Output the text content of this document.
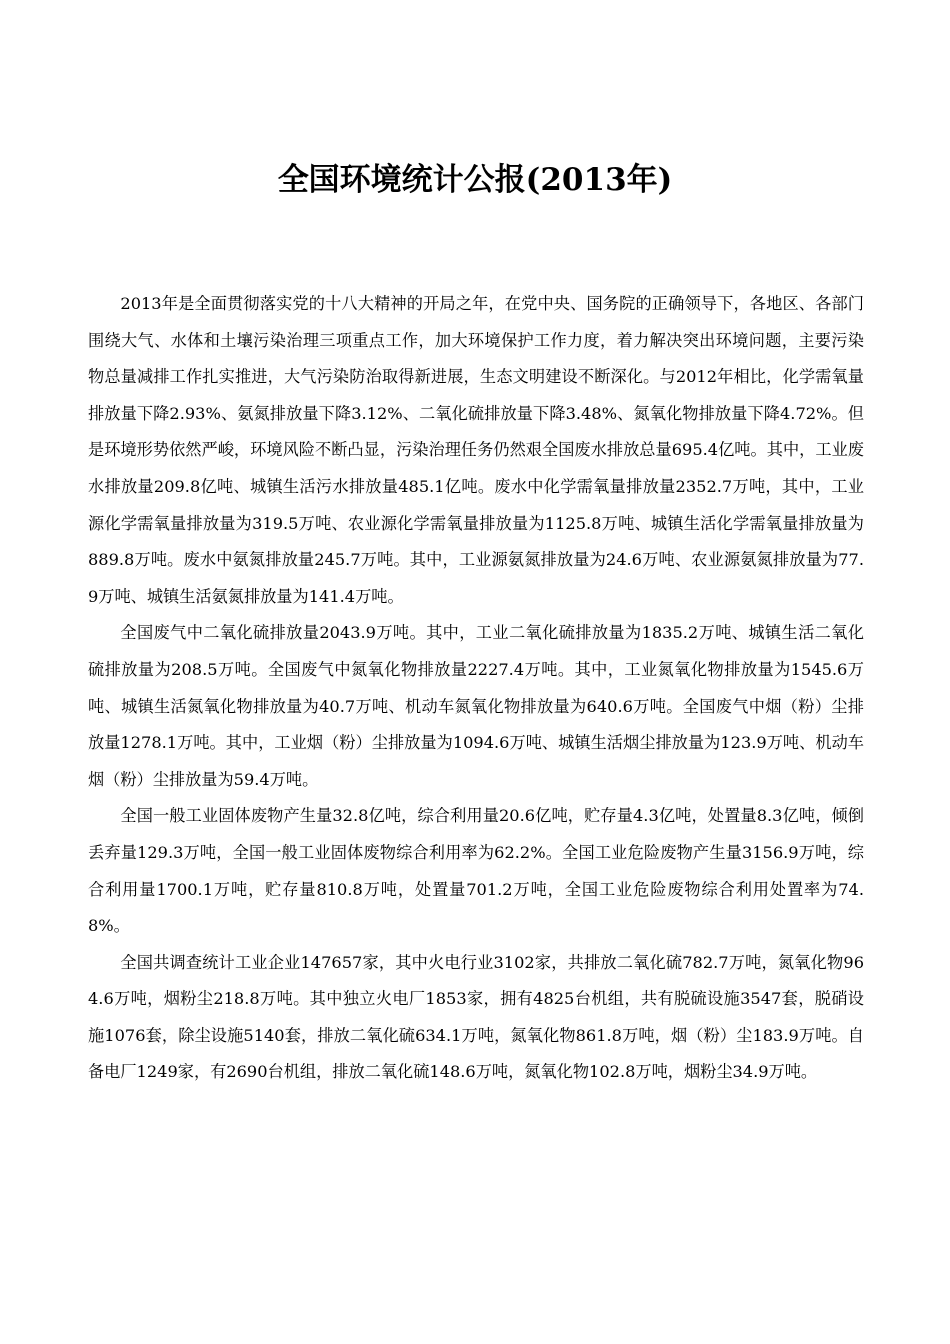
全国环境统计公报(2013年)

2013年是全面贯彻落实党的十八大精神的开局之年，在党中央、国务院的正确领导下，各地区、各部门围绕大气、水体和土壤污染治理三项重点工作，加大环境保护工作力度，着力解决突出环境问题，主要污染物总量减排工作扎实推进，大气污染防治取得新进展，生态文明建设不断深化。与2012年相比，化学需氧量排放量下降2.93%、氨氮排放量下降3.12%、二氧化硫排放量下降3.48%、氮氧化物排放量下降4.72%。但是环境形势依然严峻，环境风险不断凸显，污染治理任务仍然艰全国废水排放总量695.4亿吨。其中，工业废水排放量209.8亿吨、城镇生活污水排放量485.1亿吨。废水中化学需氧量排放量2352.7万吨，其中，工业源化学需氧量排放量为319.5万吨、农业源化学需氧量排放量为1125.8万吨、城镇生活化学需氧量排放量为889.8万吨。废水中氨氮排放量245.7万吨。其中，工业源氨氮排放量为24.6万吨、农业源氨氮排放量为77.9万吨、城镇生活氨氮排放量为141.4万吨。

全国废气中二氧化硫排放量2043.9万吨。其中，工业二氧化硫排放量为1835.2万吨、城镇生活二氧化硫排放量为208.5万吨。全国废气中氮氧化物排放量2227.4万吨。其中，工业氮氧化物排放量为1545.6万吨、城镇生活氮氧化物排放量为40.7万吨、机动车氮氧化物排放量为640.6万吨。全国废气中烟（粉）尘排放量1278.1万吨。其中，工业烟（粉）尘排放量为1094.6万吨、城镇生活烟尘排放量为123.9万吨、机动车烟（粉）尘排放量为59.4万吨。

全国一般工业固体废物产生量32.8亿吨，综合利用量20.6亿吨，贮存量4.3亿吨，处置量8.3亿吨，倾倒丢弃量129.3万吨，全国一般工业固体废物综合利用率为62.2%。全国工业危险废物产生量3156.9万吨，综合利用量1700.1万吨，贮存量810.8万吨，处置量701.2万吨，全国工业危险废物综合利用处置率为74.8%。

全国共调查统计工业企业147657家，其中火电行业3102家，共排放二氧化硫782.7万吨，氮氧化物964.6万吨，烟粉尘218.8万吨。其中独立火电厂1853家，拥有4825台机组，共有脱硫设施3547套，脱硝设施1076套，除尘设施5140套，排放二氧化硫634.1万吨，氮氧化物861.8万吨，烟（粉）尘183.9万吨。自备电厂1249家，有2690台机组，排放二氧化硫148.6万吨，氮氧化物102.8万吨，烟粉尘34.9万吨。
